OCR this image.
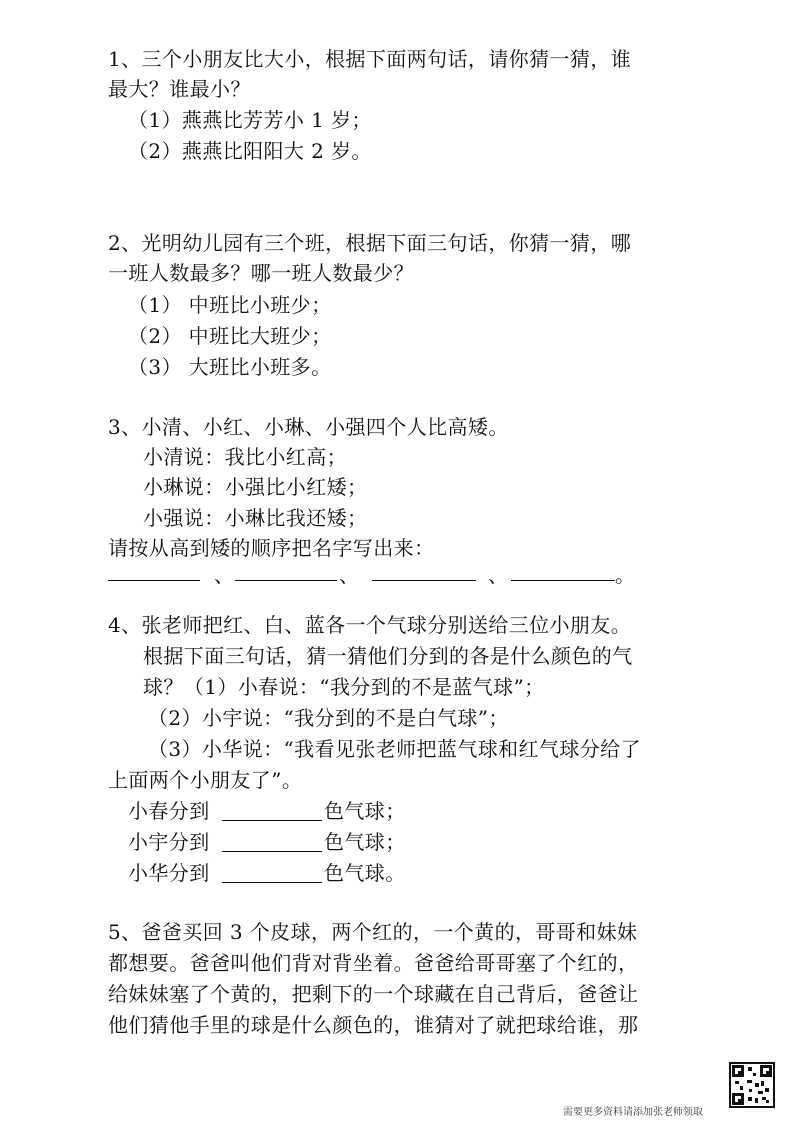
1、三个小朋友比大小，根据下面两句话，请你猜一猜，谁
最大？谁最小？
（1）燕燕比芳芳小 1 岁；
（2）燕燕比阳阳大 2 岁。
2、光明幼儿园有三个班，根据下面三句话，你猜一猜，哪
一班人数最多？哪一班人数最少？
（1） 中班比小班少；
（2） 中班比大班少；
（3） 大班比小班多。
3、小清、小红、小琳、小强四个人比高矮。
小清说：我比小红高；
小琳说：小强比小红矮；
小强说：小琳比我还矮；
请按从高到矮的顺序把名字写出来：
、	、	、	。
4、张老师把红、白、蓝各一个气球分别送给三位小朋友。
根据下面三句话，猜一猜他们分到的各是什么颜色的气
球？（1）小春说：“我分到的不是蓝气球”；
（2）小宇说：“我分到的不是白气球”；
（3）小华说：“我看见张老师把蓝气球和红气球分给了
上面两个小朋友了”。
小春分到	色气球；
小宇分到	色气球；
小华分到	色气球。
5、爸爸买回 3 个皮球，两个红的，一个黄的，哥哥和妹妹
都想要。爸爸叫他们背对背坐着。爸爸给哥哥塞了个红的，
给妹妹塞了个黄的，把剩下的一个球藏在自己背后，爸爸让
他们猜他手里的球是什么颜色的，谁猜对了就把球给谁，那
需要更多资料请添加张老师领取
